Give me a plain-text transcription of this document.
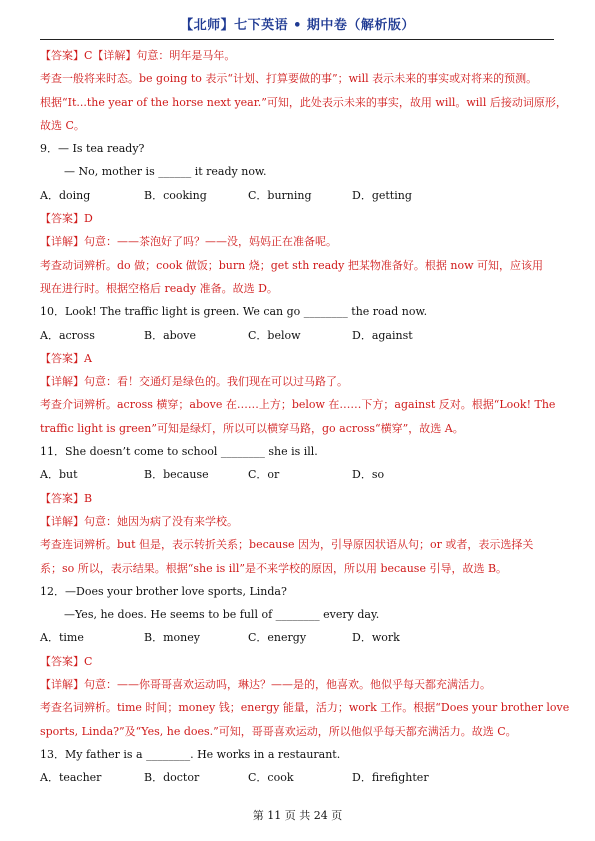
【北师】七下英语 • 期中卷（解析版）
【答案】C【详解】句意：明年是马年。
考查一般将来时态。be going to 表示“计划、打算要做的事”；will 表示未来的事实或对将来的预测。
根据“It...the year of the horse next year.”可知，此处表示未来的事实，故用 will。will 后接动词原形，
故选 C。
9．— Is tea ready?
— No, mother is ______ it ready now.
A．doing	B．cooking	C．burning	D．getting
【答案】D
【详解】句意：——茶泡好了吗？——没，妈妈正在准备呢。
考查动词辨析。do 做；cook 做饭；burn 烧；get sth ready 把某物准备好。根据 now 可知，应该用
现在进行时。根据空格后 ready 准备。故选 D。
10．Look! The traffic light is green. We can go ________ the road now.
A．across	B．above	C．below	D．against
【答案】A
【详解】句意：看！交通灯是绿色的。我们现在可以过马路了。
考查介词辨析。across 横穿；above 在……上方；below 在……下方；against 反对。根据“Look! The
traffic light is green”可知是绿灯，所以可以横穿马路，go across“横穿”，故选 A。
11．She doesn’t come to school ________ she is ill.
A．but	B．because	C．or	D．so
【答案】B
【详解】句意：她因为病了没有来学校。
考查连词辨析。but 但是，表示转折关系；because 因为，引导原因状语从句；or 或者，表示选择关
系；so 所以，表示结果。根据“she is ill”是不来学校的原因，所以用 because 引导，故选 B。
12．—Does your brother love sports, Linda?
—Yes, he does. He seems to be full of ________ every day.
A．time	B．money	C．energy	D．work
【答案】C
【详解】句意：——你哥哥喜欢运动吗，琳达？——是的，他喜欢。他似乎每天都充满活力。
考查名词辨析。time 时间；money 钱；energy 能量，活力；work 工作。根据“Does your brother love
sports, Linda?”及“Yes, he does.”可知，哥哥喜欢运动，所以他似乎每天都充满活力。故选 C。
13．My father is a ________. He works in a restaurant.
A．teacher	B．doctor	C．cook	D．firefighter
第 11 页 共 24 页
